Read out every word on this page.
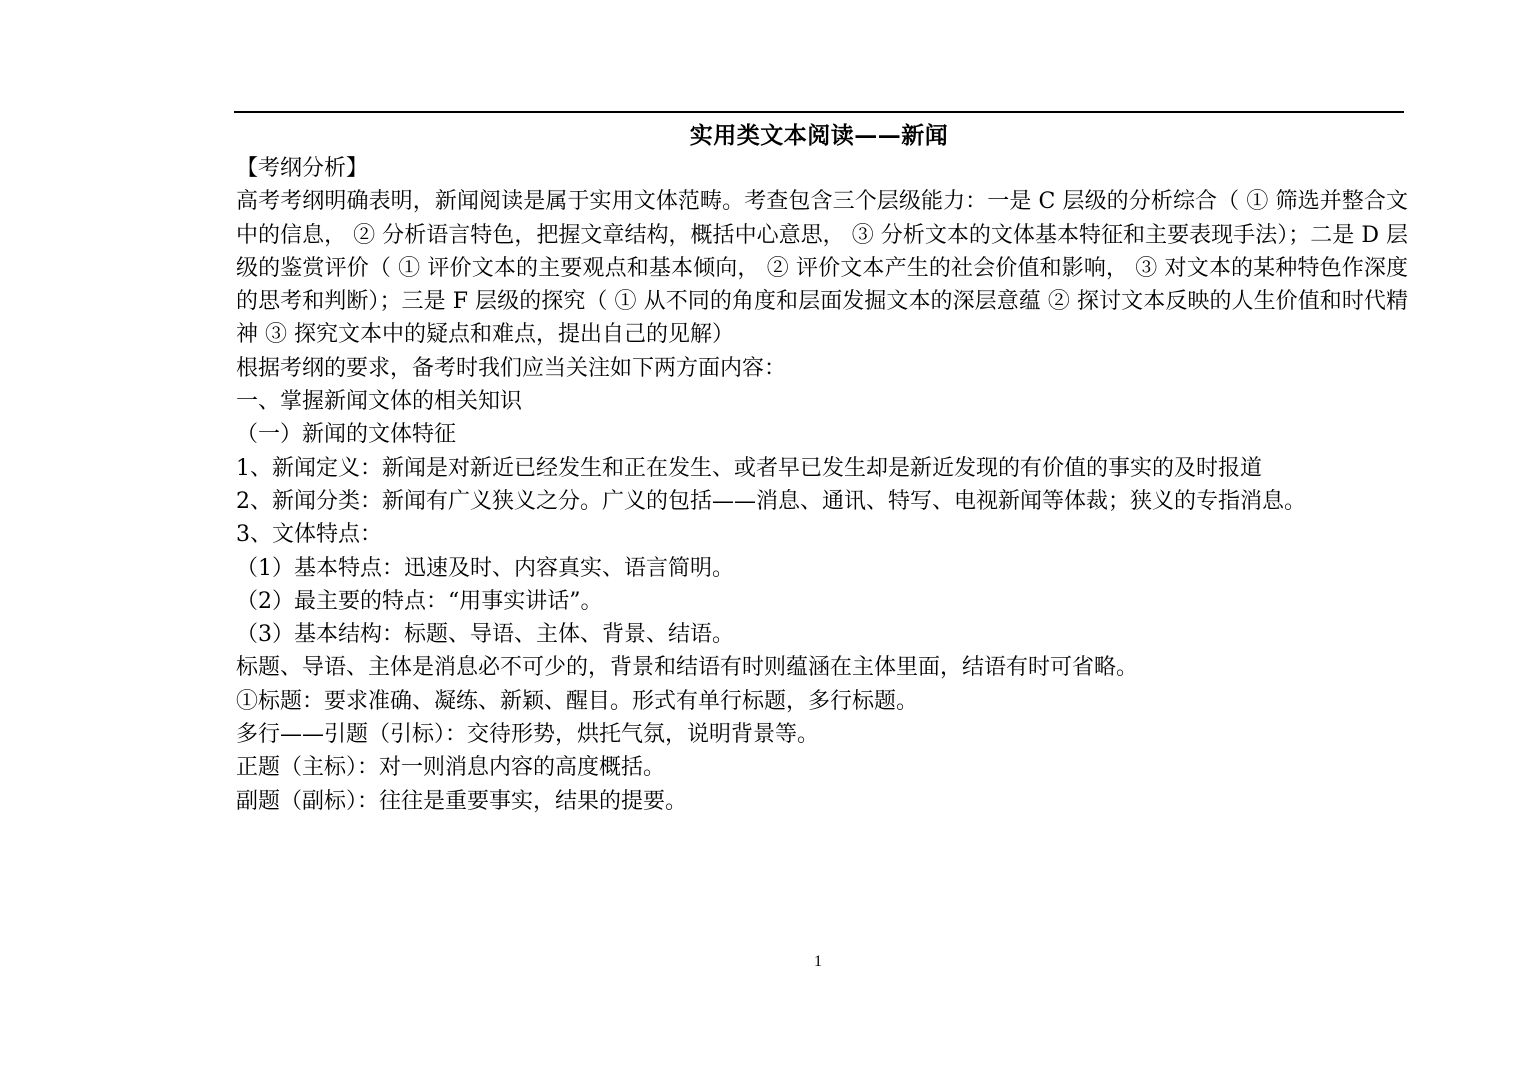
实用类文本阅读——新闻

【考纲分析】

高考考纲明确表明，新闻阅读是属于实用文体范畴。考查包含三个层级能力：一是 C 层级的分析综合（ ① 筛选并整合文中的信息， ② 分析语言特色，把握文章结构，概括中心意思， ③ 分析文本的文体基本特征和主要表现手法）；二是 D 层级的鉴赏评价（ ① 评价文本的主要观点和基本倾向， ② 评价文本产生的社会价值和影响， ③ 对文本的某种特色作深度的思考和判断）；三是 F 层级的探究（ ① 从不同的角度和层面发掘文本的深层意蕴 ② 探讨文本反映的人生价值和时代精神 ③ 探究文本中的疑点和难点，提出自己的见解）

根据考纲的要求，备考时我们应当关注如下两方面内容：

一、掌握新闻文体的相关知识

（一）新闻的文体特征

1、新闻定义：新闻是对新近已经发生和正在发生、或者早已发生却是新近发现的有价值的事实的及时报道

2、新闻分类：新闻有广义狭义之分。广义的包括——消息、通讯、特写、电视新闻等体裁；狭义的专指消息。

3、文体特点：

（1）基本特点：迅速及时、内容真实、语言简明。

（2）最主要的特点：“用事实讲话”。

（3）基本结构：标题、导语、主体、背景、结语。

标题、导语、主体是消息必不可少的，背景和结语有时则蕴涵在主体里面，结语有时可省略。

①标题：要求准确、凝练、新颖、醒目。形式有单行标题，多行标题。

多行——引题（引标）：交待形势，烘托气氛，说明背景等。

正题（主标）：对一则消息内容的高度概括。

副题（副标）：往往是重要事实，结果的提要。

1
